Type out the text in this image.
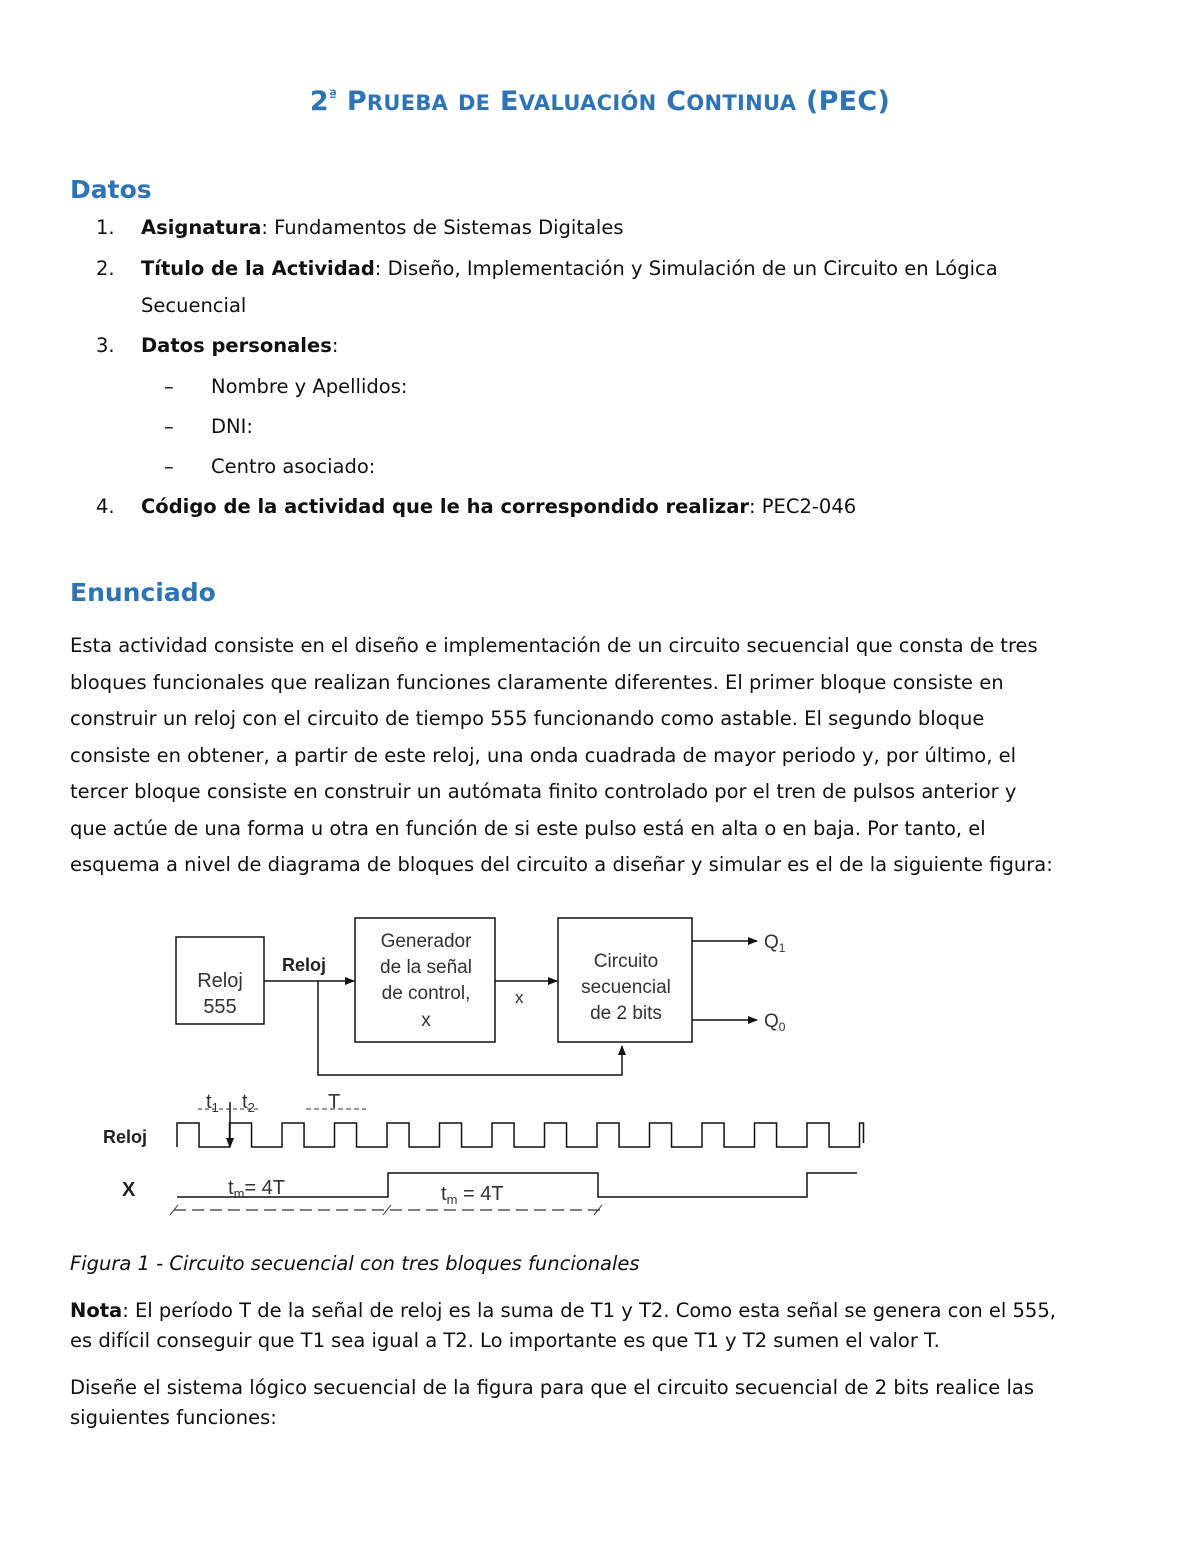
$2^ª$ PRUEBA DE EVALUACIÓN CONTINUA (PEC)
Datos
1.	Asignatura: Fundamentos de Sistemas Digitales
2.	Título de la Actividad: Diseño, Implementación y Simulación de un Circuito en Lógica
Secuencial
3.	Datos personales:
– Nombre y Apellidos:
– DNI:
– Centro asociado:
4.	Código de la actividad que le ha correspondido realizar: PEC2-046
Enunciado
Esta actividad consiste en el diseño e implementación de un circuito secuencial que consta de tres
bloques funcionales que realizan funciones claramente diferentes. El primer bloque consiste en
construir un reloj con el circuito de tiempo 555 funcionando como astable. El segundo bloque
consiste en obtener, a partir de este reloj, una onda cuadrada de mayor periodo y, por último, el
tercer bloque consiste en construir un autómata finito controlado por el tren de pulsos anterior y
que actúe de una forma u otra en función de si este pulso está en alta o en baja. Por tanto, el
esquema a nivel de diagrama de bloques del circuito a diseñar y simular es el de la siguiente figura:
Reloj
555
Reloj
Generador
de la señal
de control,
x
x
Circuito
secuencial
de 2 bits
$Q_1$
$Q_0$
$t_1$ $t_2$	T
Reloj
X	$t_m= 4T$	$t_m = 4T$
Figura 1 - Circuito secuencial con tres bloques funcionales
Nota: El período T de la señal de reloj es la suma de T1 y T2. Como esta señal se genera con el 555,
es difícil conseguir que T1 sea igual a T2. Lo importante es que T1 y T2 sumen el valor T.
Diseñe el sistema lógico secuencial de la figura para que el circuito secuencial de 2 bits realice las
siguientes funciones:
